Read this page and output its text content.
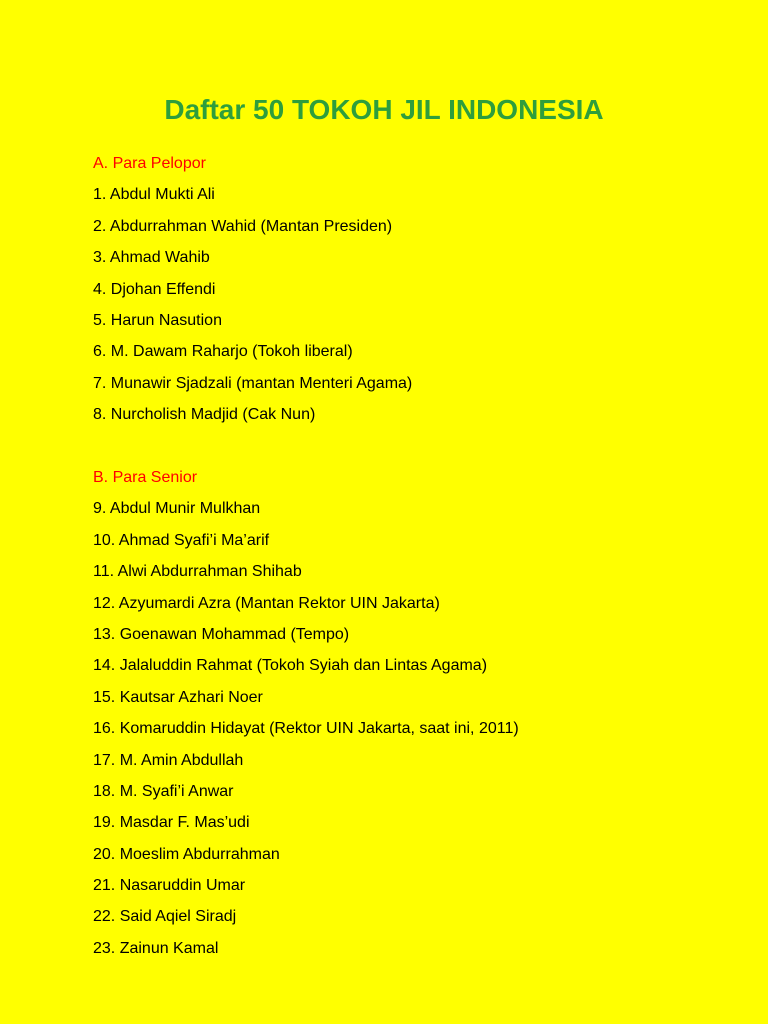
Daftar 50 TOKOH JIL INDONESIA
A. Para Pelopor
1. Abdul Mukti Ali
2. Abdurrahman Wahid (Mantan Presiden)
3. Ahmad Wahib
4. Djohan Effendi
5. Harun Nasution
6. M. Dawam Raharjo (Tokoh liberal)
7. Munawir Sjadzali (mantan Menteri Agama)
8. Nurcholish Madjid (Cak Nun)
B. Para Senior
9. Abdul Munir Mulkhan
10. Ahmad Syafi’i Ma’arif
11. Alwi Abdurrahman Shihab
12. Azyumardi Azra (Mantan Rektor UIN Jakarta)
13. Goenawan Mohammad (Tempo)
14. Jalaluddin Rahmat (Tokoh Syiah dan Lintas Agama)
15. Kautsar Azhari Noer
16. Komaruddin Hidayat (Rektor UIN Jakarta, saat ini, 2011)
17. M. Amin Abdullah
18. M. Syafi’i Anwar
19. Masdar F. Mas’udi
20. Moeslim Abdurrahman
21. Nasaruddin Umar
22. Said Aqiel Siradj
23. Zainun Kamal
